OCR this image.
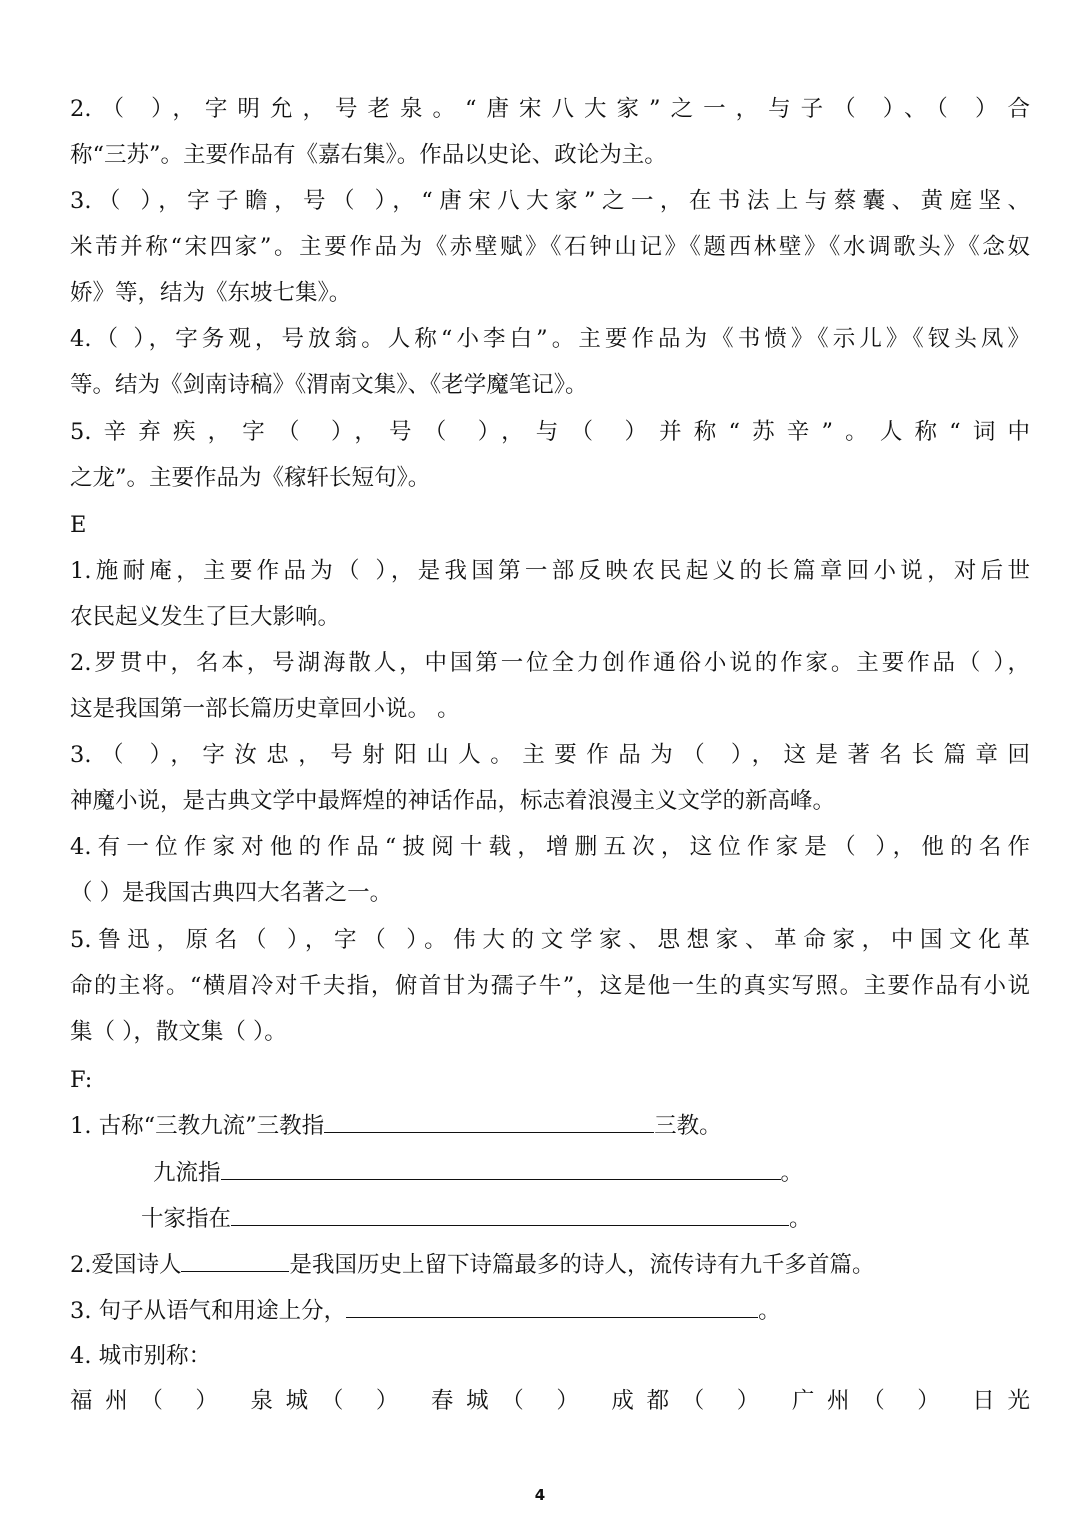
2.（ ），字明允，号老泉。“唐宋八大家”之一，与子（ ）、（ ）合

称“三苏”。主要作品有《嘉右集》。作品以史论、政论为主。

3.（ ），字子瞻，号（ ），“唐宋八大家”之一，在书法上与蔡囊、黄庭坚、

米芾并称“宋四家”。主要作品为《赤壁赋》《石钟山记》《题西林壁》《水调歌头》《念奴

娇》等，结为《东坡七集》。

4.（ ），字务观，号放翁。人称“小李白”。主要作品为《书愤》《示儿》《钗头凤》

等。结为《剑南诗稿》《渭南文集》、《老学魔笔记》。

5.辛弃疾，字（ ），号（ ），与（ ）并称“苏辛”。人称“词中

之龙”。主要作品为《稼轩长短句》。

E

1.施耐庵，主要作品为（ ），是我国第一部反映农民起义的长篇章回小说，对后世

农民起义发生了巨大影响。

2.罗贯中，名本，号湖海散人，中国第一位全力创作通俗小说的作家。主要作品（ ），

这是我国第一部长篇历史章回小说。 。

3.（ ），字汝忠，号射阳山人。主要作品为（ ），这是著名长篇章回

神魔小说，是古典文学中最辉煌的神话作品，标志着浪漫主义文学的新高峰。

4.有一位作家对他的作品“披阅十载，增删五次，这位作家是（ ），他的名作

（ ）是我国古典四大名著之一。

5.鲁迅，原名（ ），字（ ）。伟大的文学家、思想家、革命家，中国文化革

命的主将。“横眉冷对千夫指，俯首甘为孺子牛”，这是他一生的真实写照。主要作品有小说

集（ ），散文集（ ）。

F:

1. 古称“三教九流”三教指	三教。

九流指	。

十家指在	。

2.爱国诗人	是我国历史上留下诗篇最多的诗人，流传诗有九千多首篇。

3. 句子从语气和用途上分，	。

4. 城市别称：

福州（ ） 泉城（ ） 春城（ ） 成都（ ） 广州（ ） 日光

4
